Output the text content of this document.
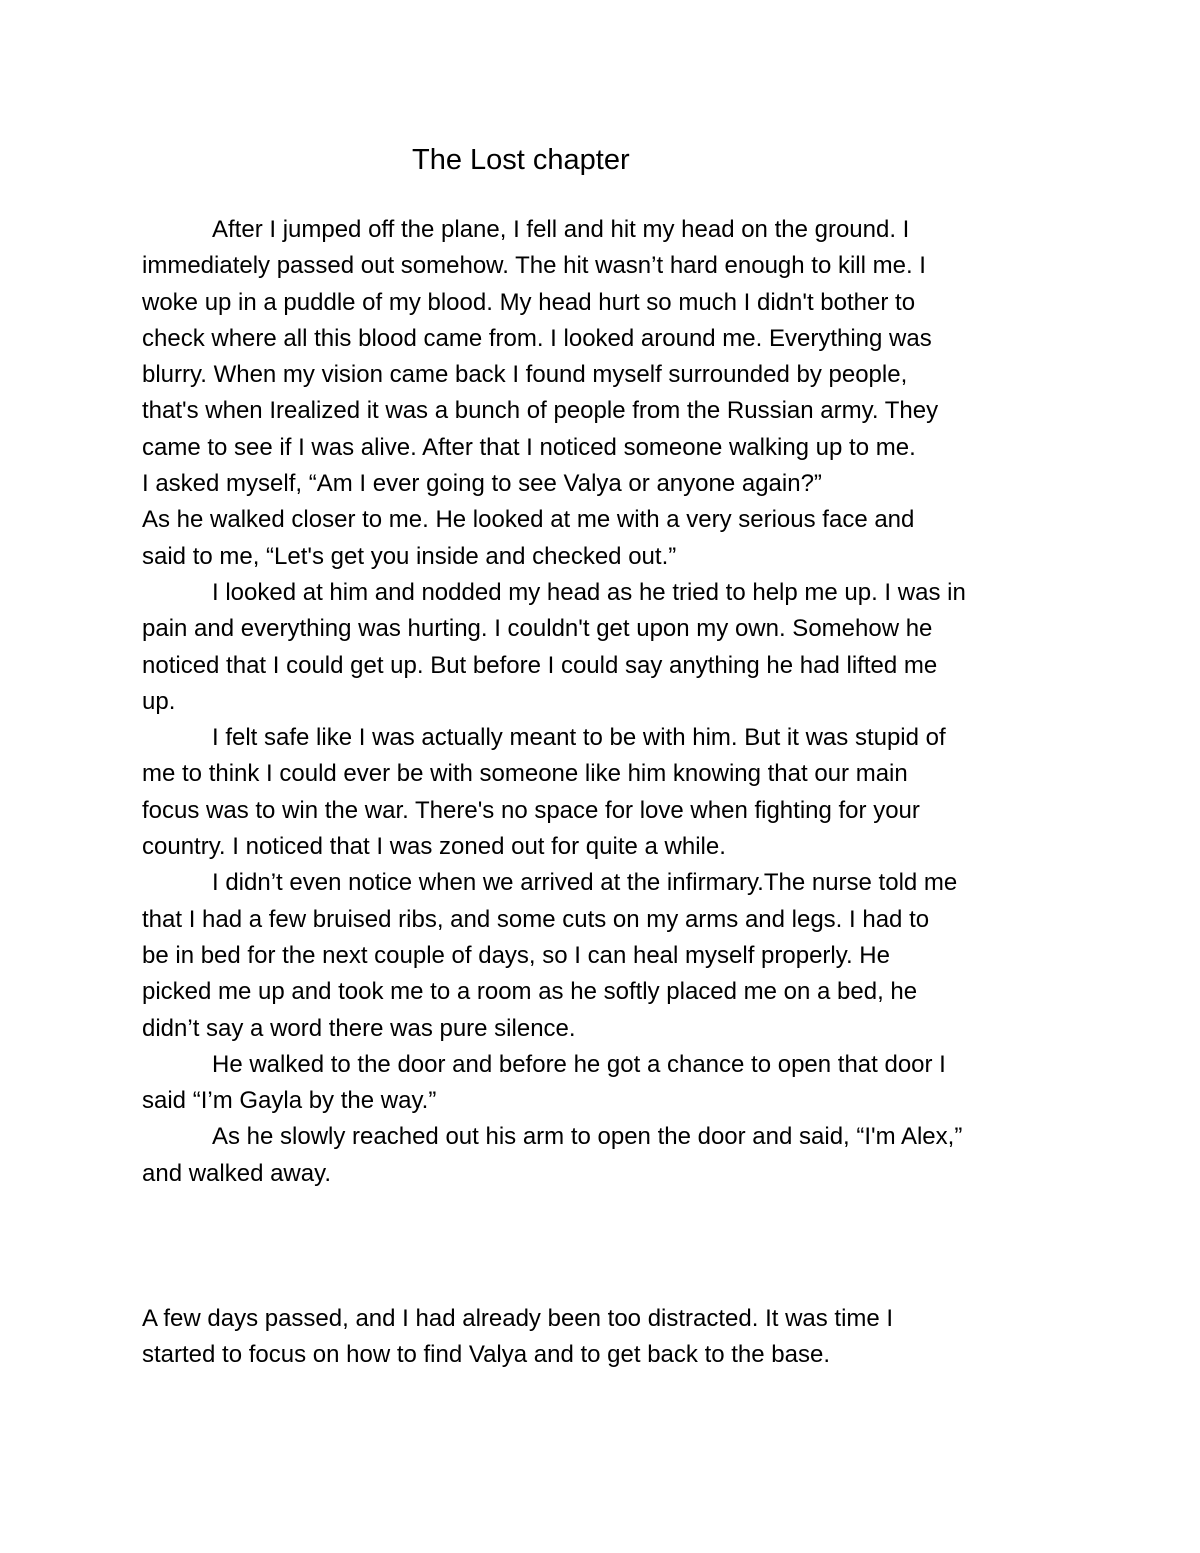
The Lost chapter
After I jumped off the plane, I fell and hit my head on the ground. I
immediately passed out somehow. The hit wasn’t hard enough to kill me. I
woke up in a puddle of my blood. My head hurt so much I didn't bother to
check where all this blood came from. I looked around me. Everything was
blurry. When my vision came back I found myself surrounded by people,
that's when Irealized it was a bunch of people from the Russian army. They
came to see if I was alive. After that I noticed someone walking up to me.
I asked myself, “Am I ever going to see Valya or anyone again?”
As he walked closer to me. He looked at me with a very serious face and
said to me, “Let's get you inside and checked out.”
I looked at him and nodded my head as he tried to help me up. I was in
pain and everything was hurting. I couldn't get upon my own. Somehow he
noticed that I could get up. But before I could say anything he had lifted me
up.
I felt safe like I was actually meant to be with him. But it was stupid of
me to think I could ever be with someone like him knowing that our main
focus was to win the war. There's no space for love when fighting for your
country. I noticed that I was zoned out for quite a while.
I didn’t even notice when we arrived at the infirmary.The nurse told me
that I had a few bruised ribs, and some cuts on my arms and legs. I had to
be in bed for the next couple of days, so I can heal myself properly. He
picked me up and took me to a room as he softly placed me on a bed, he
didn’t say a word there was pure silence.
He walked to the door and before he got a chance to open that door I
said “I’m Gayla by the way.”
As he slowly reached out his arm to open the door and said, “I'm Alex,”
and walked away.
A few days passed, and I had already been too distracted. It was time I
started to focus on how to find Valya and to get back to the base.
